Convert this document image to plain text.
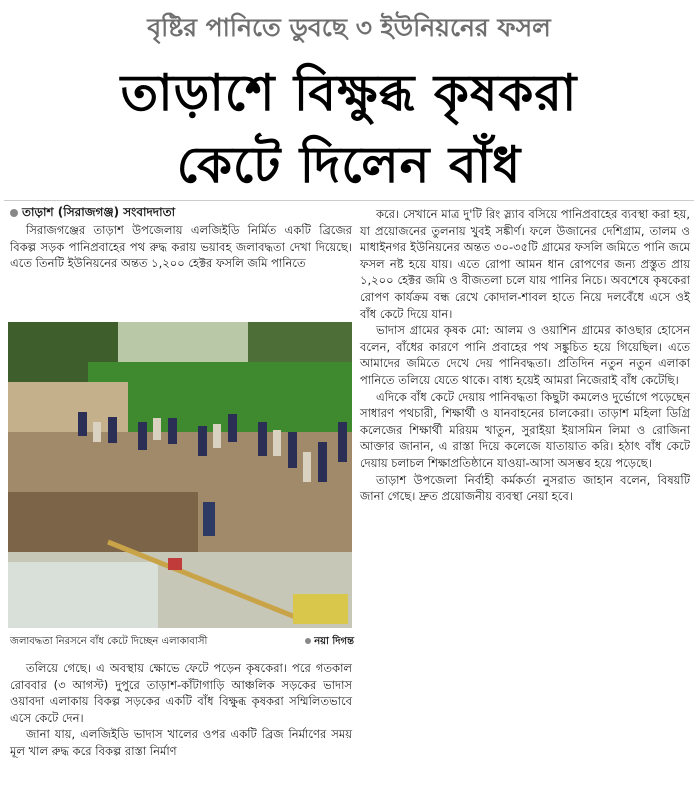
বৃষ্টির পানিতে ডুবছে ৩ ইউনিয়নের ফসল
তাড়াশে বিক্ষুব্ধ কৃষকরা
কেটে দিলেন বাঁধ
তাড়াশ (সিরাজগঞ্জ) সংবাদদাতা

সিরাজগঞ্জের তাড়াশ উপজেলায় এলজিইডি নির্মিত একটি ব্রিজের বিকল্প সড়ক পানিপ্রবাহের পথ রুদ্ধ করায় ভয়াবহ জলাবদ্ধতা দেখা দিয়েছে। এতে তিনটি ইউনিয়নের অন্তত ১,২০০ হেক্টর ফসলি জমি পানিতে

জলাবদ্ধতা নিরসনে বাঁধ কেটে দিচ্ছেন এলাকাবাসী	নয়া দিগন্ত

তলিয়ে গেছে। এ অবস্থায় ক্ষোভে ফেটে পড়েন কৃষকেরা। পরে গতকাল রোববার (৩ আগস্ট) দুপুরে তাড়াশ-কাঁটাগাড়ি আঞ্চলিক সড়কের ভাদাস ওয়াবদা এলাকায় বিকল্প সড়কের একটি বাঁধ বিক্ষুব্ধ কৃষকরা সম্মিলিতভাবে এসে কেটে দেন।

জানা যায়, এলজিইডি ভাদাস খালের ওপর একটি ব্রিজ নির্মাণের সময় মূল খাল রুদ্ধ করে বিকল্প রাস্তা নির্মাণ

করে। সেখানে মাত্র দু'টি রিং স্ল্যাব বসিয়ে পানিপ্রবাহের ব্যবস্থা করা হয়, যা প্রয়োজনের তুলনায় খুবই সঙ্কীর্ণ। ফলে উজানের দেশিগ্রাম, তালম ও মাধাইনগর ইউনিয়নের অন্তত ৩০-৩৫টি গ্রামের ফসলি জমিতে পানি জমে ফসল নষ্ট হয়ে যায়। এতে রোপা আমন ধান রোপণের জন্য প্রস্তুত প্রায় ১,২০০ হেক্টর জমি ও বীজতলা চলে যায় পানির নিচে। অবশেষে কৃষকেরা রোপণ কার্যক্রম বন্ধ রেখে কোদাল-শাবল হাতে নিয়ে দলবেঁধে এসে ওই বাঁধ কেটে দিয়ে যান।

ভাদাস গ্রামের কৃষক মো: আলম ও ওয়াশিন গ্রামের কাওছার হোসেন বলেন, বাঁধের কারণে পানি প্রবাহের পথ সঙ্কুচিত হয়ে গিয়েছিল। এতে আমাদের জমিতে দেখে দেয় পানিবদ্ধতা। প্রতিদিন নতুন নতুন এলাকা পানিতে তলিয়ে যেতে থাকে। বাধ্য হয়েই আমরা নিজেরাই বাঁধ কেটেছি।

এদিকে বাঁধ কেটে দেয়ায় পানিবদ্ধতা কিছুটা কমলেও দুর্ভোগে পড়েছেন সাধারণ পথচারী, শিক্ষার্থী ও যানবাহনের চালকেরা। তাড়াশ মহিলা ডিগ্রি কলেজের শিক্ষার্থী মরিয়ম খাতুন, সুরাইয়া ইয়াসমিন লিমা ও রোজিনা আক্তার জানান, এ রাস্তা দিয়ে কলেজে যাতায়াত করি। হঠাৎ বাঁধ কেটে দেয়ায় চলাচল শিক্ষাপ্রতিষ্ঠানে যাওয়া-আসা অসম্ভব হয়ে পড়েছে।

তাড়াশ উপজেলা নির্বাহী কর্মকর্তা নুসরাত জাহান বলেন, বিষয়টি জানা গেছে। দ্রুত প্রয়োজনীয় ব্যবস্থা নেয়া হবে।
